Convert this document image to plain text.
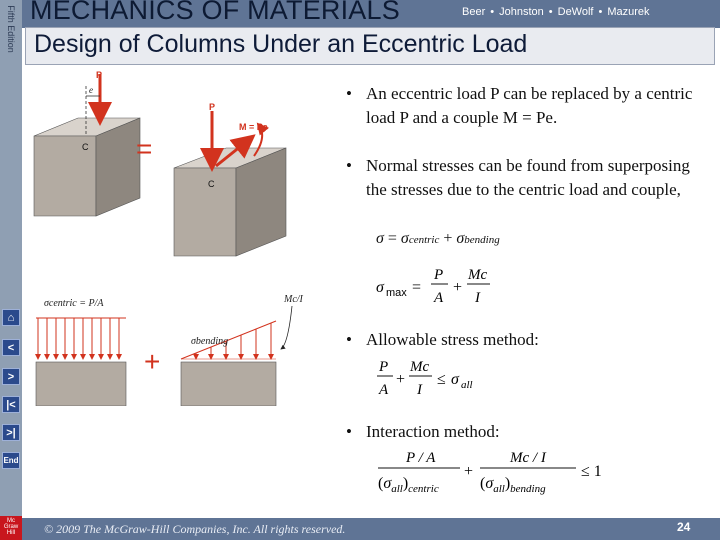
Fifth Edition
⌂
<
>
|<
>|
End
Mc
Graw
Hill
MECHANICS OF MATERIALS	Beer • Johnston • DeWolf • Mazurek
Design of Columns Under an Eccentric Load
P
e
C =
P
M = Pe
C
σcentric = P/A
+
σbending
Mc/I
• An eccentric load P can be replaced by a centric load P and a couple M = Pe.
• Normal stresses can be found from superposing the stresses due to the centric load and couple,
• Allowable stress method:
• Interaction method:
σ = σcentric + σbending
σ max =
P
A
+
Mc
I
P
A
+
Mc
I
≤ σ all
P / A
$(\sigma_{all})_{centric}$
+
Mc / I
$(\sigma_{all})_{bending}$
≤ 1
© 2009 The McGraw-Hill Companies, Inc. All rights reserved.	24
